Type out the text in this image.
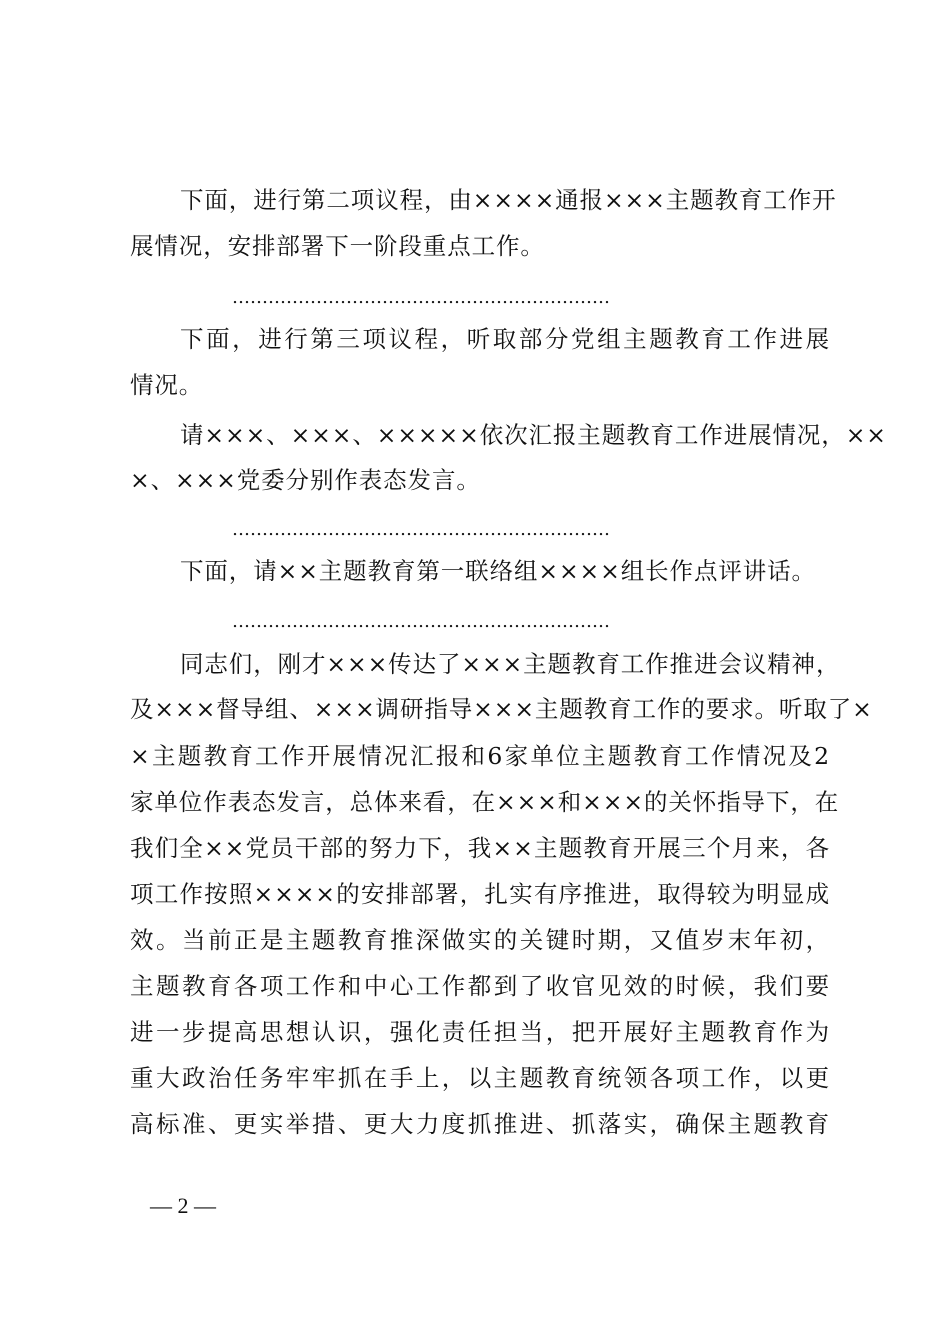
下面，进行第二项议程，由××××通报×××主题教育工作开
展情况，安排部署下一阶段重点工作。
………………………………………………………
下面，进行第三项议程，听取部分党组主题教育工作进展
情况。
请×××、×××、×××××依次汇报主题教育工作进展情况，××
×、×××党委分别作表态发言。
………………………………………………………
下面，请××主题教育第一联络组××××组长作点评讲话。
………………………………………………………
同志们，刚才×××传达了×××主题教育工作推进会议精神，
及×××督导组、×××调研指导×××主题教育工作的要求。听取了×
×主题教育工作开展情况汇报和6家单位主题教育工作情况及2
家单位作表态发言，总体来看，在×××和×××的关怀指导下，在
我们全××党员干部的努力下，我××主题教育开展三个月来，各
项工作按照××××的安排部署，扎实有序推进，取得较为明显成
效。当前正是主题教育推深做实的关键时期，又值岁末年初，
主题教育各项工作和中心工作都到了收官见效的时候，我们要
进一步提高思想认识，强化责任担当，把开展好主题教育作为
重大政治任务牢牢抓在手上，以主题教育统领各项工作，以更
高标准、更实举措、更大力度抓推进、抓落实，确保主题教育
— 2 —
